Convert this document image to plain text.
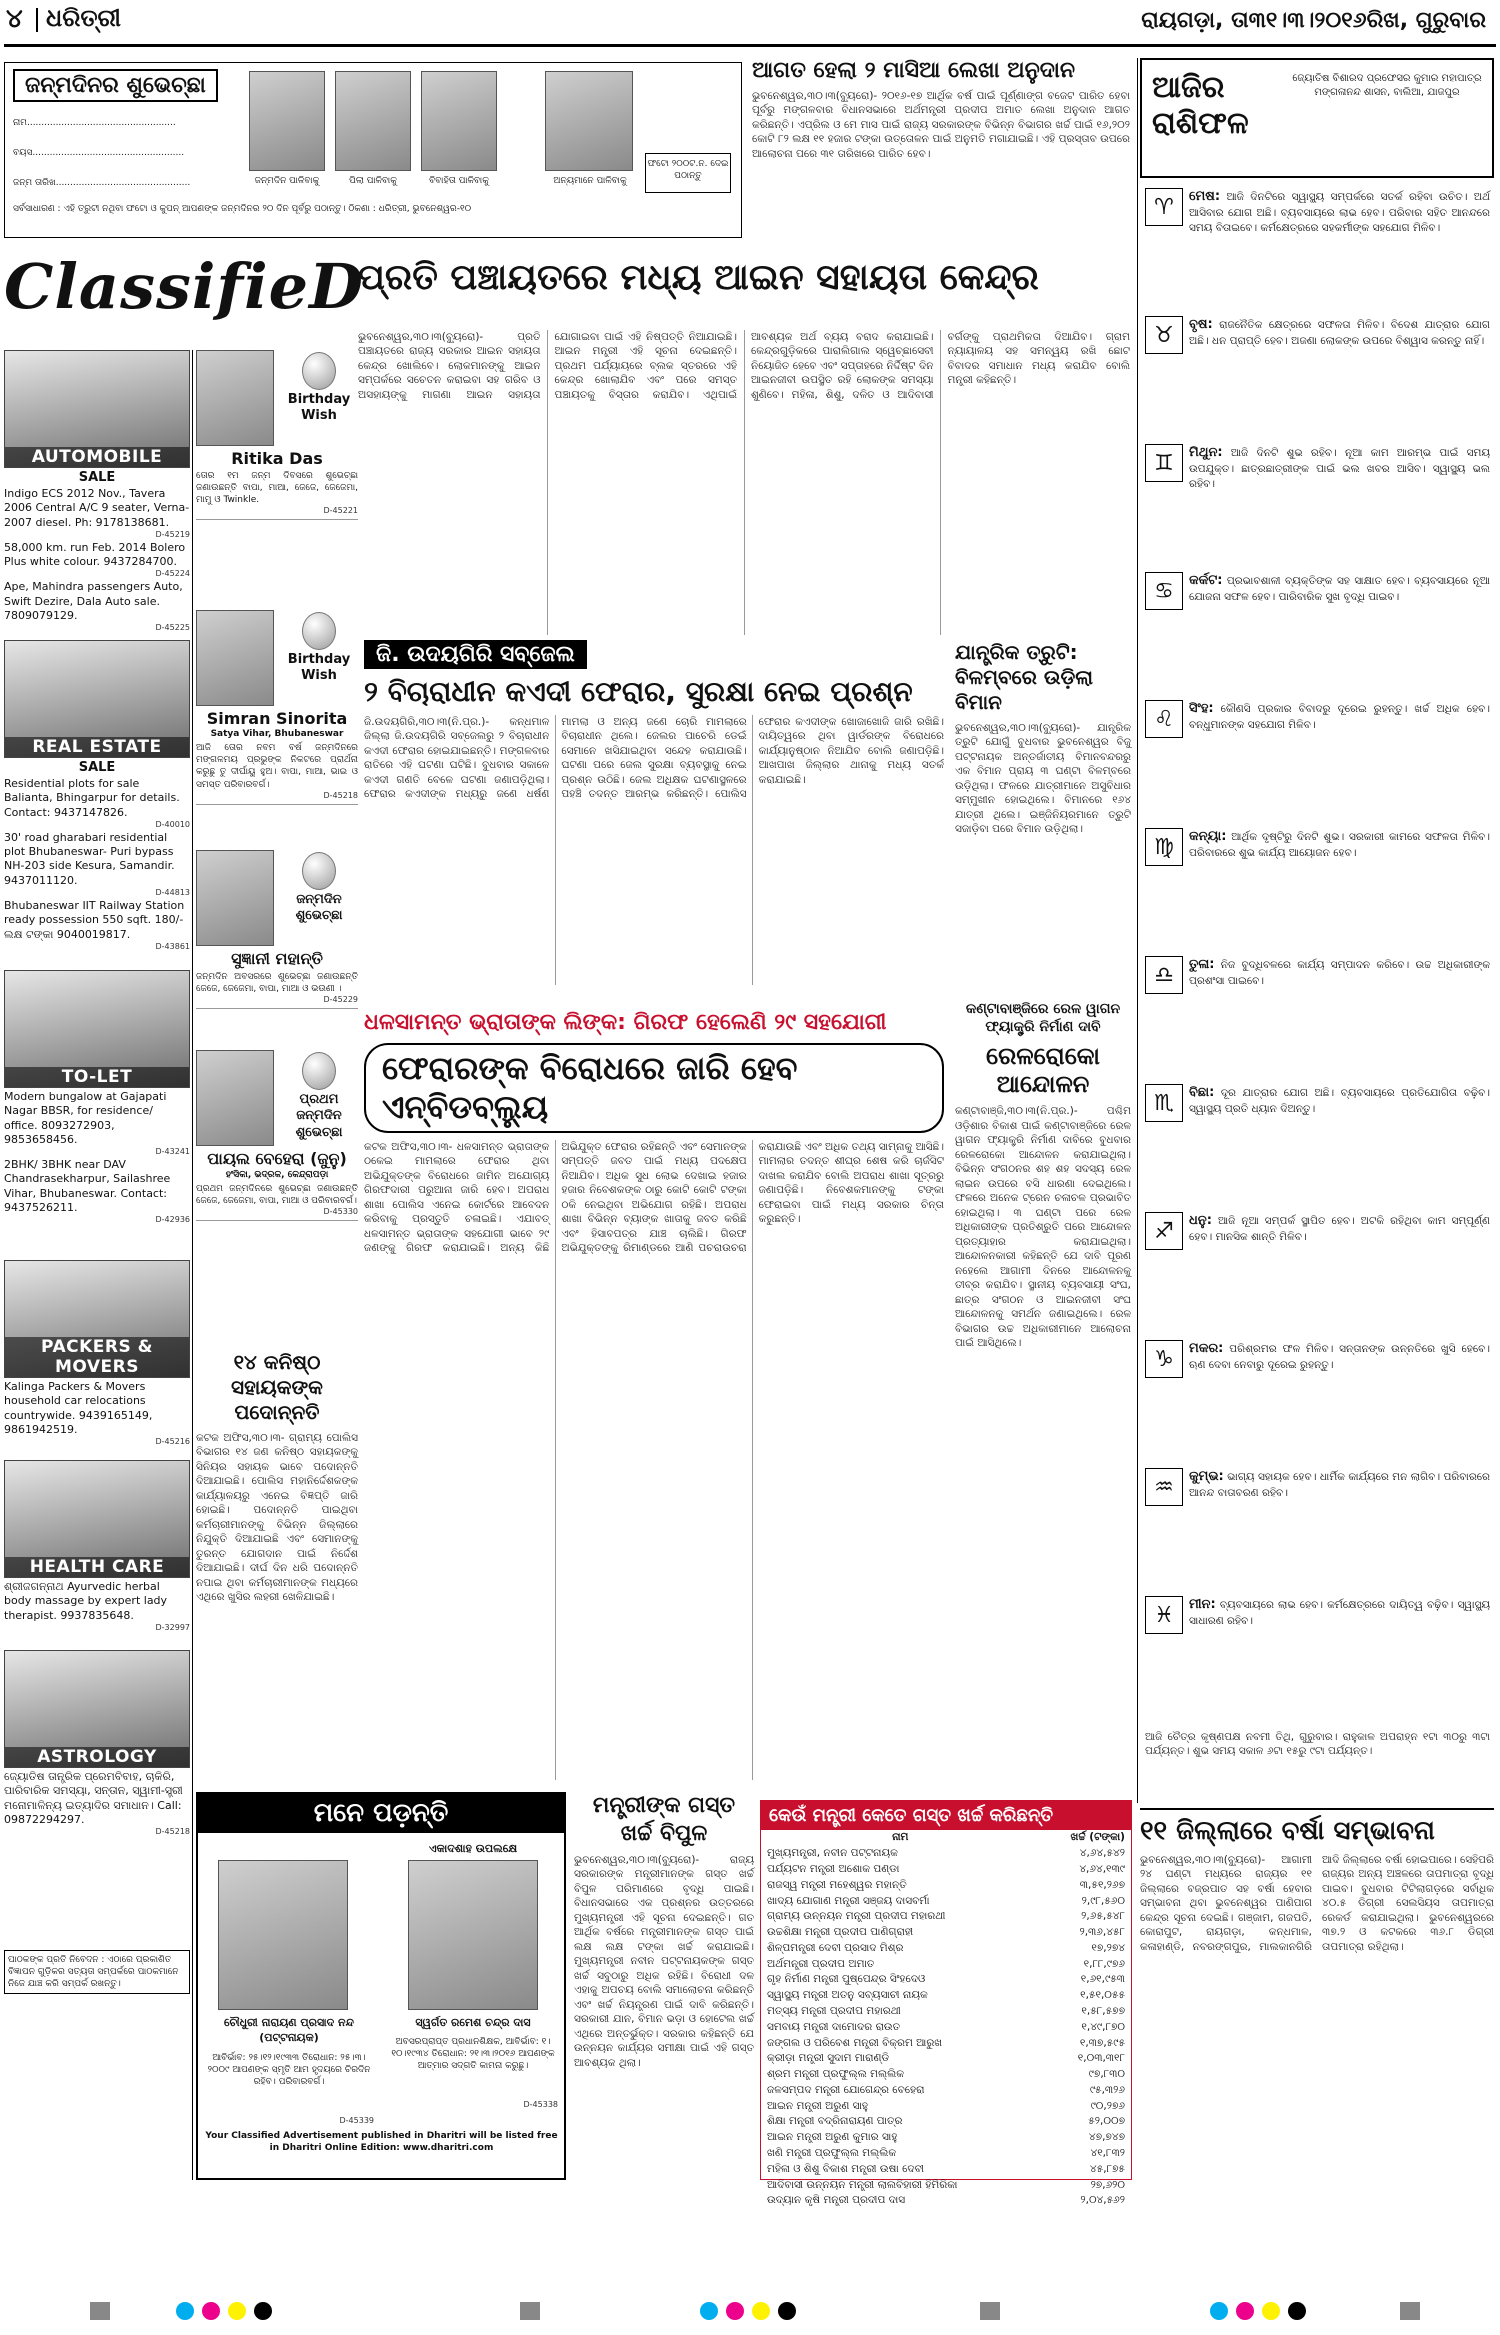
୪ ଧରିତ୍ରୀ	ରାୟଗଡ଼ା, ତା୩୧।୩।୨୦୧୬ରିଖ, ଗୁରୁବାର
ଜନ୍ମଦିନର ଶୁଭେଚ୍ଛା
ନାମ....................................................
ବୟସ.....................................................
ଜନ୍ମ ତାରିଖ...............................................	ଜନ୍ମଦିନ ପାଳିବାକୁ	ପିଲା ପାଳିବାକୁ	ବିବାହିତା ପାଳିବାକୁ	ଅନ୍ୟମାନେ ପାଳିବାକୁ
ଫଟୋ ୨୦୦ଟ.ନ. ଦେଇ ପଠାନ୍ତୁ
ସର୍ବସାଧାରଣ : ଏହି ତ୍ରୁଟୀ ନଥିବା ଫଟୋ ଓ କୁପନ୍ ଆପଣଙ୍କ ଜନ୍ମଦିନର ୨୦ ଦିନ ପୂର୍ବରୁ ପଠାନ୍ତୁ। ଠିକଣା : ଧରିତ୍ରୀ, ଭୁବନେଶ୍ୱର-୧୦
ଆଗତ ହେଲା ୨ ମାସିଆ ଲେଖା ଅନୁଦାନ
ଭୁବନେଶ୍ୱର,୩୦।୩(ବ୍ୟୁରୋ)- ୨୦୧୬-୧୭ ଆର୍ଥିକ ବର୍ଷ ପାଇଁ ପୂର୍ଣ୍ଣାଙ୍ଗ ବଜେଟ ପାରିତ ହେବା ପୂର୍ବରୁ ମଙ୍ଗଳବାର ବିଧାନସଭାରେ ଅର୍ଥମନ୍ତ୍ରୀ ପ୍ରଦୀପ ଅମାତ ଲେଖା ଅନୁଦାନ ଆଗତ କରିଛନ୍ତି। ଏପ୍ରିଲ ଓ ମେ ମାସ ପାଇଁ ରାଜ୍ୟ ସରକାରଙ୍କ ବିଭିନ୍ନ ବିଭାଗର ଖର୍ଚ୍ଚ ପାଇଁ ୧୬,୨୦୨ କୋଟି ୮୨ ଲକ୍ଷ ୧୧ ହଜାର ଟଙ୍କା ଉତ୍ତୋଳନ ପାଇଁ ଅନୁମତି ମଗାଯାଇଛି। ଏହି ପ୍ରସ୍ତାବ ଉପରେ ଆଲୋଚନା ପରେ ୩୧ ତାରିଖରେ ପାରିତ ହେବ।
ଆଜିର ରାଶିଫଳ
ଜ୍ୟୋତିଷ ବିଶାରଦ ପ୍ରଫେସର କୁମାର ମହାପାତ୍ର ମଙ୍ଗଳାନନ୍ଦ ଶାସନ, ବାଲିଆ, ଯାଜପୁର
♈	ମେଷ: ଆଜି ଦିନଟିରେ ସ୍ୱାସ୍ଥ୍ୟ ସମ୍ପର୍କରେ ସତର୍କ ରହିବା ଉଚିତ। ଅର୍ଥ ଆସିବାର ଯୋଗ ଅଛି। ବ୍ୟବସାୟରେ ଲାଭ ହେବ। ପରିବାର ସହିତ ଆନନ୍ଦରେ ସମୟ ବିତାଇବେ। କର୍ମକ୍ଷେତ୍ରରେ ସହକର୍ମୀଙ୍କ ସହଯୋଗ ମିଳିବ।
♉	ବୃଷ: ରାଜନୈତିକ କ୍ଷେତ୍ରରେ ସଫଳତା ମିଳିବ। ବିଦେଶ ଯାତ୍ରାର ଯୋଗ ଅଛି। ଧନ ପ୍ରାପ୍ତି ହେବ। ଅଜଣା ଲୋକଙ୍କ ଉପରେ ବିଶ୍ୱାସ କରନ୍ତୁ ନାହିଁ।
♊	ମିଥୁନ: ଆଜି ଦିନଟି ଶୁଭ ରହିବ। ନୂଆ କାମ ଆରମ୍ଭ ପାଇଁ ସମୟ ଉପଯୁକ୍ତ। ଛାତ୍ରଛାତ୍ରୀଙ୍କ ପାଇଁ ଭଲ ଖବର ଆସିବ। ସ୍ୱାସ୍ଥ୍ୟ ଭଲ ରହିବ।
♋	କର୍କଟ: ପ୍ରଭାବଶାଳୀ ବ୍ୟକ୍ତିଙ୍କ ସହ ସାକ୍ଷାତ ହେବ। ବ୍ୟବସାୟରେ ନୂଆ ଯୋଜନା ସଫଳ ହେବ। ପାରିବାରିକ ସୁଖ ବୃଦ୍ଧି ପାଇବ।
♌	ସିଂହ: କୌଣସି ପ୍ରକାର ବିବାଦରୁ ଦୂରେଇ ରୁହନ୍ତୁ। ଖର୍ଚ୍ଚ ଅଧିକ ହେବ। ବନ୍ଧୁମାନଙ୍କ ସହଯୋଗ ମିଳିବ।
♍	କନ୍ୟା: ଆର୍ଥିକ ଦୃଷ୍ଟିରୁ ଦିନଟି ଶୁଭ। ସରକାରୀ କାମରେ ସଫଳତା ମିଳିବ। ପରିବାରରେ ଶୁଭ କାର୍ଯ୍ୟ ଆୟୋଜନ ହେବ।
♎	ତୁଳା: ନିଜ ବୁଦ୍ଧିବଳରେ କାର୍ଯ୍ୟ ସମ୍ପାଦନ କରିବେ। ଉଚ୍ଚ ଅଧିକାରୀଙ୍କ ପ୍ରଶଂସା ପାଇବେ।
♏	ବିଛା: ଦୂର ଯାତ୍ରାର ଯୋଗ ଅଛି। ବ୍ୟବସାୟରେ ପ୍ରତିଯୋଗିତା ବଢ଼ିବ। ସ୍ୱାସ୍ଥ୍ୟ ପ୍ରତି ଧ୍ୟାନ ଦିଅନ୍ତୁ।
♐	ଧନୁ: ଆଜି ନୂଆ ସମ୍ପର୍କ ସ୍ଥାପିତ ହେବ। ଅଟକି ରହିଥିବା କାମ ସମ୍ପୂର୍ଣ୍ଣ ହେବ। ମାନସିକ ଶାନ୍ତି ମିଳିବ।
♑	ମକର: ପରିଶ୍ରମର ଫଳ ମିଳିବ। ସନ୍ତାନଙ୍କ ଉନ୍ନତିରେ ଖୁସି ହେବେ। ଋଣ ଦେବା ନେବାରୁ ଦୂରେଇ ରୁହନ୍ତୁ।
♒	କୁମ୍ଭ: ଭାଗ୍ୟ ସହାୟକ ହେବ। ଧାର୍ମିକ କାର୍ଯ୍ୟରେ ମନ ଲାଗିବ। ପରିବାରରେ ଆନନ୍ଦ ବାତାବରଣ ରହିବ।
♓	ମୀନ: ବ୍ୟବସାୟରେ ଲାଭ ହେବ। କର୍ମକ୍ଷେତ୍ରରେ ଦାୟିତ୍ୱ ବଢ଼ିବ। ସ୍ୱାସ୍ଥ୍ୟ ସାଧାରଣ ରହିବ।
ଆଜି ଚୈତ୍ର କୃଷ୍ଣପକ୍ଷ ନବମୀ ତିଥି, ଗୁରୁବାର। ରାହୁକାଳ ଅପରାହ୍ନ ୧ଟା ୩୦ରୁ ୩ଟା ପର୍ଯ୍ୟନ୍ତ। ଶୁଭ ସମୟ ସକାଳ ୬ଟା ୧୫ରୁ ୯ଟା ପର୍ଯ୍ୟନ୍ତ।
ClassifieD
ପ୍ରତି ପଞ୍ଚାୟତରେ ମଧ୍ୟ ଆଇନ ସହାୟତା କେନ୍ଦ୍ର
ଭୁବନେଶ୍ୱର,୩୦।୩(ବ୍ୟୁରୋ)- ପ୍ରତି ପଞ୍ଚାୟତରେ ରାଜ୍ୟ ସରକାର ଆଇନ ସହାୟତା କେନ୍ଦ୍ର ଖୋଲିବେ। ଲୋକମାନଙ୍କୁ ଆଇନ ସମ୍ପର୍କରେ ସଚେତନ କରାଇବା ସହ ଗରିବ ଓ ଅସହାୟଙ୍କୁ ମାଗଣା ଆଇନ ସହାୟତା ଯୋଗାଇବା ପାଇଁ ଏହି ନିଷ୍ପତ୍ତି ନିଆଯାଇଛି। ଆଇନ ମନ୍ତ୍ରୀ ଏହି ସୂଚନା ଦେଇଛନ୍ତି। ପ୍ରଥମ ପର୍ଯ୍ୟାୟରେ ବ୍ଲକ ସ୍ତରରେ ଏହି କେନ୍ଦ୍ର ଖୋଲାଯିବ ଏବଂ ପରେ ସମସ୍ତ ପଞ୍ଚାୟତକୁ ବିସ୍ତାର କରାଯିବ। ଏଥିପାଇଁ ଆବଶ୍ୟକ ଅର୍ଥ ବ୍ୟୟ ବରାଦ କରାଯାଇଛି। କେନ୍ଦ୍ରଗୁଡ଼ିକରେ ପାରାଲିଗାଲ ସ୍ୱେଚ୍ଛାସେବୀ ନିୟୋଜିତ ହେବେ ଏବଂ ସପ୍ତାହରେ ନିର୍ଦ୍ଦିଷ୍ଟ ଦିନ ଆଇନଜୀବୀ ଉପସ୍ଥିତ ରହି ଲୋକଙ୍କ ସମସ୍ୟା ଶୁଣିବେ। ମହିଳା, ଶିଶୁ, ଦଳିତ ଓ ଆଦିବାସୀ ବର୍ଗଙ୍କୁ ପ୍ରାଥମିକତା ଦିଆଯିବ। ଗ୍ରାମ ନ୍ୟାୟାଳୟ ସହ ସମନ୍ୱୟ ରଖି ଛୋଟ ବିବାଦର ସମାଧାନ ମଧ୍ୟ କରାଯିବ ବୋଲି ମନ୍ତ୍ରୀ କହିଛନ୍ତି।
AUTOMOBILE
SALE
Indigo ECS 2012 Nov., Tavera 2006 Central A/C 9 seater, Verna- 2007 diesel. Ph: 9178138681.
D-45219
58,000 km. run Feb. 2014 Bolero Plus white colour. 9437284700.
D-45224
Ape, Mahindra passengers Auto, Swift Dezire, Dala Auto sale. 7809079129.
D-45225
REAL ESTATE
SALE
Residential plots for sale Balianta, Bhingarpur for details. Contact: 9437147826.
D-40010
30' road gharabari residential plot Bhubaneswar- Puri bypass NH-203 side Kesura, Samandir. 9437011120.
D-44813
Bhubaneswar IIT Railway Station ready possession 550 sqft. 180/- ଲକ୍ଷ ଟଙ୍କା 9040019817.
D-43861
TO-LET
Modern bungalow at Gajapati Nagar BBSR, for residence/ office. 8093272903, 9853658456.
D-43241
2BHK/ 3BHK near DAV Chandrasekharpur, Sailashree Vihar, Bhubaneswar. Contact: 9437526211.
D-42936
PACKERS & MOVERS
Kalinga Packers & Movers household car relocations countrywide. 9439165149, 9861942519.
D-45216
HEALTH CARE
ଶ୍ରୀଜଗନ୍ନାଥ Ayurvedic herbal body massage by expert lady therapist. 9937835648.
D-32997
ASTROLOGY
ଜ୍ୟୋତିଷ ତାନ୍ତ୍ରିକ ପ୍ରେମବିବାହ, ଚାକିରି, ପାରିବାରିକ ସମସ୍ୟା, ସନ୍ତାନ, ସ୍ୱାମୀ-ସ୍ତ୍ରୀ ମନୋମାଳିନ୍ୟ ଇତ୍ୟାଦିର ସମାଧାନ। Call: 09872294297.
D-45218
ପାଠକଙ୍କ ପ୍ରତି ନିବେଦନ : ଏଠାରେ ପ୍ରକାଶିତ ବିଜ୍ଞାପନ ଗୁଡ଼ିକର ସତ୍ୟତା ସମ୍ପର୍କରେ ପାଠକମାନେ ନିଜେ ଯାଞ୍ଚ କରି ସମ୍ପର୍କ ରଖନ୍ତୁ।
Birthday Wish
Ritika Das
ତୋର ୧ମ ଜନ୍ମ ଦିବସରେ ଶୁଭେଚ୍ଛା ଜଣାଉଛନ୍ତି ବାପା, ମାଆ, ଜେଜେ, ଜେଜେମା, ମାମୁ ଓ Twinkle.
D-45221
Birthday Wish
Simran Sinorita
Satya Vihar, Bhubaneswar
ଆଜି ତୋର ନବମ ବର୍ଷ ଜନ୍ମଦିନରେ ମଙ୍ଗଳମୟ ପ୍ରଭୁଙ୍କ ନିକଟରେ ପ୍ରାର୍ଥନା କରୁଛୁ ତୁ ଦୀର୍ଘାୟୁ ହୁଅ। ବାପା, ମାଆ, ଭାଇ ଓ ସମସ୍ତ ପରିବାରବର୍ଗ।
D-45218
ଜନ୍ମଦିନ ଶୁଭେଚ୍ଛା
ସୁଜ୍ଞାନୀ ମହାନ୍ତି
ଜନ୍ମଦିନ ଅବସରରେ ଶୁଭେଚ୍ଛା ଜଣାଉଛନ୍ତି ଜେଜେ, ଜେଜେମା, ବାପା, ମାଆ ଓ ଭଉଣୀ ।
D-45229
ପ୍ରଥମ ଜନ୍ମଦିନ ଶୁଭେଚ୍ଛା
ପାୟଲ ବେହେରା (ଜୁନୁ)
ହଂସିକା, ଭଦ୍ରକ, କେନ୍ଦ୍ରାପଡ଼ା
ପ୍ରଥମ ଜନ୍ମଦିନରେ ଶୁଭେଚ୍ଛା ଜଣାଉଛନ୍ତି ଜେଜେ, ଜେଜେମା, ବାପା, ମାଆ ଓ ପରିବାରବର୍ଗ।
D-45330
ଜି. ଉଦୟଗିରି ସବ୍‌ଜେଲ
୨ ବିଚାରାଧୀନ କଏଦୀ ଫେରାର, ସୁରକ୍ଷା ନେଇ ପ୍ରଶ୍ନ
ଜି.ଉଦୟଗିରି,୩୦।୩(ନି.ପ୍ର.)- କନ୍ଧମାଳ ଜିଲ୍ଲା ଜି.ଉଦୟଗିରି ସବ୍‌ଜେଲରୁ ୨ ବିଚାରାଧୀନ କଏଦୀ ଫେରାର ହୋଇଯାଇଛନ୍ତି। ମଙ୍ଗଳବାର ରାତିରେ ଏହି ଘଟଣା ଘଟିଛି। ବୁଧବାର ସକାଳେ କଏଦୀ ଗଣତି ବେଳେ ଘଟଣା ଜଣାପଡ଼ିଥିଲା। ଫେରାର କଏଦୀଙ୍କ ମଧ୍ୟରୁ ଜଣେ ଧର୍ଷଣ ମାମଲା ଓ ଅନ୍ୟ ଜଣେ ଚୋରି ମାମଲାରେ ବିଚାରାଧୀନ ଥିଲେ। ଜେଲର ପାଚେରି ଡେଇଁ ସେମାନେ ଖସିଯାଇଥିବା ସନ୍ଦେହ କରାଯାଉଛି। ଘଟଣା ପରେ ଜେଲ ସୁରକ୍ଷା ବ୍ୟବସ୍ଥାକୁ ନେଇ ପ୍ରଶ୍ନ ଉଠିଛି। ଜେଲ ଅଧିକ୍ଷକ ଘଟଣାସ୍ଥଳରେ ପହଞ୍ଚି ତଦନ୍ତ ଆରମ୍ଭ କରିଛନ୍ତି। ପୋଲିସ ଫେରାର କଏଦୀଙ୍କ ଖୋଜାଖୋଜି ଜାରି ରଖିଛି। ଦାୟିତ୍ୱରେ ଥିବା ୱାର୍ଡରଙ୍କ ବିରୋଧରେ କାର୍ଯ୍ୟାନୁଷ୍ଠାନ ନିଆଯିବ ବୋଲି ଜଣାପଡ଼ିଛି। ଆଖପାଖ ଜିଲ୍ଲାର ଥାନାକୁ ମଧ୍ୟ ସତର୍କ କରାଯାଇଛି।
ଯାନ୍ତ୍ରିକ ତ୍ରୁଟି: ବିଳମ୍ବରେ ଉଡ଼ିଲା ବିମାନ
ଭୁବନେଶ୍ୱର,୩୦।୩(ବ୍ୟୁରୋ)- ଯାନ୍ତ୍ରିକ ତ୍ରୁଟି ଯୋଗୁଁ ବୁଧବାର ଭୁବନେଶ୍ୱର ବିଜୁ ପଟ୍ଟନାୟକ ଅନ୍ତର୍ଜାତୀୟ ବିମାନବନ୍ଦରରୁ ଏକ ବିମାନ ପ୍ରାୟ ୩ ଘଣ୍ଟା ବିଳମ୍ବରେ ଉଡ଼ିଥିଲା। ଫଳରେ ଯାତ୍ରୀମାନେ ଅସୁବିଧାର ସମ୍ମୁଖୀନ ହୋଇଥିଲେ। ବିମାନରେ ୧୬୪ ଯାତ୍ରୀ ଥିଲେ। ଇଞ୍ଜିନିୟରମାନେ ତ୍ରୁଟି ସଜାଡ଼ିବା ପରେ ବିମାନ ଉଡ଼ିଥିଲା।
ଧଳସାମନ୍ତ ଭ୍ରାତାଙ୍କ ଲିଙ୍କ: ଗିରଫ ହେଲେଣି ୨୯ ସହଯୋଗୀ
ଫେରାରଙ୍କ ବିରୋଧରେ ଜାରି ହେବ ଏନ୍‌ବିଡବ୍ଲ୍ୟୁ
କଟକ ଅଫିସ,୩୦।୩- ଧଳସାମନ୍ତ ଭ୍ରାତାଙ୍କ ଠକେଇ ମାମଲାରେ ଫେରାର ଥିବା ଅଭିଯୁକ୍ତଙ୍କ ବିରୋଧରେ ଜାମିନ ଅଯୋଗ୍ୟ ଗିରଫଦାରୀ ପରୁଆନା ଜାରି ହେବ। ଅପରାଧ ଶାଖା ପୋଲିସ ଏନେଇ କୋର୍ଟରେ ଆବେଦନ କରିବାକୁ ପ୍ରସ୍ତୁତି ଚଳାଇଛି। ଏଯାବତ୍ ଧଳସାମନ୍ତ ଭ୍ରାତାଙ୍କ ସହଯୋଗୀ ଭାବେ ୨୯ ଜଣଙ୍କୁ ଗିରଫ କରାଯାଇଛି। ଅନ୍ୟ କିଛି ଅଭିଯୁକ୍ତ ଫେରାର ରହିଛନ୍ତି ଏବଂ ସେମାନଙ୍କ ସମ୍ପତ୍ତି ଜବତ ପାଇଁ ମଧ୍ୟ ପଦକ୍ଷେପ ନିଆଯିବ। ଅଧିକ ସୁଧ ଲୋଭ ଦେଖାଇ ହଜାର ହଜାର ନିବେଶକଙ୍କ ଠାରୁ କୋଟି କୋଟି ଟଙ୍କା ଠକି ନେଇଥିବା ଅଭିଯୋଗ ରହିଛି। ଅପରାଧ ଶାଖା ବିଭିନ୍ନ ବ୍ୟାଙ୍କ ଖାତାକୁ ଜବତ କରିଛି ଏବଂ ହିସାବପତ୍ର ଯାଞ୍ଚ ଚାଲିଛି। ଗିରଫ ଅଭିଯୁକ୍ତଙ୍କୁ ରିମାଣ୍ଡରେ ଆଣି ପଚରାଉଚରା କରାଯାଉଛି ଏବଂ ଅଧିକ ତଥ୍ୟ ସାମ୍ନାକୁ ଆସିଛି। ମାମଲାର ତଦନ୍ତ ଶୀଘ୍ର ଶେଷ କରି ଚାର୍ଜସିଟ ଦାଖଲ କରାଯିବ ବୋଲି ଅପରାଧ ଶାଖା ସୂତ୍ରରୁ ଜଣାପଡ଼ିଛି। ନିବେଶକମାନଙ୍କୁ ଟଙ୍କା ଫେରାଇବା ପାଇଁ ମଧ୍ୟ ସରକାର ଚିନ୍ତା କରୁଛନ୍ତି।
କଣ୍ଟାବାଞ୍ଜିରେ ରେଳ ୱାଗନ ଫ୍ୟାକ୍ଟ୍ରି ନିର୍ମାଣ ଦାବି
ରେଳରୋକୋ ଆନ୍ଦୋଳନ
କଣ୍ଟାବାଞ୍ଜି,୩୦।୩(ନି.ପ୍ର.)- ପଶ୍ଚିମ ଓଡ଼ିଶାର ବିକାଶ ପାଇଁ କଣ୍ଟାବାଞ୍ଜିରେ ରେଳ ୱାଗନ ଫ୍ୟାକ୍ଟ୍ରି ନିର୍ମାଣ ଦାବିରେ ବୁଧବାର ରେଳରୋକୋ ଆନ୍ଦୋଳନ କରାଯାଇଥିଲା। ବିଭିନ୍ନ ସଂଗଠନର ଶହ ଶହ ସଦସ୍ୟ ରେଳ ଲାଇନ ଉପରେ ବସି ଧାରଣା ଦେଇଥିଲେ। ଫଳରେ ଅନେକ ଟ୍ରେନ ଚଳାଚଳ ପ୍ରଭାବିତ ହୋଇଥିଲା। ୩ ଘଣ୍ଟା ପରେ ରେଳ ଅଧିକାରୀଙ୍କ ପ୍ରତିଶ୍ରୁତି ପରେ ଆନ୍ଦୋଳନ ପ୍ରତ୍ୟାହାର କରାଯାଇଥିଲା। ଆନ୍ଦୋଳନକାରୀ କହିଛନ୍ତି ଯେ ଦାବି ପୂରଣ ନହେଲେ ଆଗାମୀ ଦିନରେ ଆନ୍ଦୋଳନକୁ ତୀବ୍ର କରାଯିବ। ସ୍ଥାନୀୟ ବ୍ୟବସାୟୀ ସଂଘ, ଛାତ୍ର ସଂଗଠନ ଓ ଆଇନଜୀବୀ ସଂଘ ଆନ୍ଦୋଳନକୁ ସମର୍ଥନ ଜଣାଇଥିଲେ। ରେଳ ବିଭାଗର ଉଚ୍ଚ ଅଧିକାରୀମାନେ ଆଲୋଚନା ପାଇଁ ଆସିଥିଲେ।
୧୪ କନିଷ୍ଠ ସହାୟକଙ୍କ ପଦୋନ୍ନତି
କଟକ ଅଫିସ,୩୦।୩- ଗ୍ରାମ୍ୟ ପୋଲିସ ବିଭାଗର ୧୪ ଜଣ କନିଷ୍ଠ ସହାୟକଙ୍କୁ ସିନିୟର ସହାୟକ ଭାବେ ପଦୋନ୍ନତି ଦିଆଯାଇଛି। ପୋଲିସ ମହାନିର୍ଦ୍ଦେଶକଙ୍କ କାର୍ଯ୍ୟାଳୟରୁ ଏନେଇ ବିଜ୍ଞପ୍ତି ଜାରି ହୋଇଛି। ପଦୋନ୍ନତି ପାଇଥିବା କର୍ମଚାରୀମାନଙ୍କୁ ବିଭିନ୍ନ ଜିଲ୍ଲାରେ ନିଯୁକ୍ତି ଦିଆଯାଇଛି ଏବଂ ସେମାନଙ୍କୁ ତୁରନ୍ତ ଯୋଗଦାନ ପାଇଁ ନିର୍ଦ୍ଦେଶ ଦିଆଯାଇଛି। ଦୀର୍ଘ ଦିନ ଧରି ପଦୋନ୍ନତି ନପାଇ ଥିବା କର୍ମଚାରୀମାନଙ୍କ ମଧ୍ୟରେ ଏଥିରେ ଖୁସିର ଲହରୀ ଖେଳିଯାଇଛି।
ମନେ ପଡ଼ନ୍ତି
ଏକାଦଶାହ ଉପଲକ୍ଷେ
ଚୌଧୁରୀ ନାରାୟଣ ପ୍ରସାଦ ନନ୍ଦ (ପଟ୍ଟନାୟକ)
ଆବିର୍ଭାବ: ୨୫।୧୨।୧୯୩୩ ତିରୋଧାନ: ୨୫।୩।୨୦୦୯ ଆପଣଙ୍କ ସ୍ମୃତି ଆମ ହୃଦୟରେ ଚିରଦିନ ରହିବ। ପରିବାରବର୍ଗ।
D-45339
ସ୍ୱର୍ଗତ ରମେଶ ଚନ୍ଦ୍ର ଦାସ
ଅବସରପ୍ରାପ୍ତ ପ୍ରଧାନଶିକ୍ଷକ, ଆବିର୍ଭାବ: ୧।୧୦।୧୯୩୪ ତିରୋଧାନ: ୨୧।୩।୨୦୧୬ ଆପଣଙ୍କ ଆତ୍ମାର ସଦ୍‌ଗତି କାମନା କରୁଛୁ।
D-45338
Your Classified Advertisement published in Dharitri will be listed free in Dharitri Online Edition: www.dharitri.com
ମନ୍ତ୍ରୀଙ୍କ ଗସ୍ତ ଖର୍ଚ୍ଚ ବିପୁଳ
ଭୁବନେଶ୍ୱର,୩୦।୩(ବ୍ୟୁରୋ)- ରାଜ୍ୟ ସରକାରଙ୍କ ମନ୍ତ୍ରୀମାନଙ୍କ ଗସ୍ତ ଖର୍ଚ୍ଚ ବିପୁଳ ପରିମାଣରେ ବୃଦ୍ଧି ପାଇଛି। ବିଧାନସଭାରେ ଏକ ପ୍ରଶ୍ନର ଉତ୍ତରରେ ମୁଖ୍ୟମନ୍ତ୍ରୀ ଏହି ସୂଚନା ଦେଇଛନ୍ତି। ଗତ ଆର୍ଥିକ ବର୍ଷରେ ମନ୍ତ୍ରୀମାନଙ୍କ ଗସ୍ତ ପାଇଁ ଲକ୍ଷ ଲକ୍ଷ ଟଙ୍କା ଖର୍ଚ୍ଚ କରାଯାଇଛି। ମୁଖ୍ୟମନ୍ତ୍ରୀ ନବୀନ ପଟ୍ଟନାୟକଙ୍କ ଗସ୍ତ ଖର୍ଚ୍ଚ ସବୁଠାରୁ ଅଧିକ ରହିଛି। ବିରୋଧୀ ଦଳ ଏହାକୁ ଅପଚୟ ବୋଲି ସମାଲୋଚନା କରିଛନ୍ତି ଏବଂ ଖର୍ଚ୍ଚ ନିୟନ୍ତ୍ରଣ ପାଇଁ ଦାବି କରିଛନ୍ତି। ସରକାରୀ ଯାନ, ବିମାନ ଭଡ଼ା ଓ ହୋଟେଲ ଖର୍ଚ୍ଚ ଏଥିରେ ଅନ୍ତର୍ଭୁକ୍ତ। ସରକାର କହିଛନ୍ତି ଯେ ଉନ୍ନୟନ କାର୍ଯ୍ୟର ସମୀକ୍ଷା ପାଇଁ ଏହି ଗସ୍ତ ଆବଶ୍ୟକ ଥିଲା।
କେଉଁ ମନ୍ତ୍ରୀ କେତେ ଗସ୍ତ ଖର୍ଚ୍ଚ କରିଛନ୍ତି
ନାମ	ଖର୍ଚ୍ଚ (ଟଙ୍କା)
ମୁଖ୍ୟମନ୍ତ୍ରୀ, ନବୀନ ପଟ୍ଟନାୟକ	୪,୬୪,୫୪୨
ପର୍ଯ୍ୟଟନ ମନ୍ତ୍ରୀ ଅଶୋକ ପଣ୍ଡା	୪,୬୪,୧୩୯
ରାଜସ୍ୱ ମନ୍ତ୍ରୀ ମହେଶ୍ୱର ମହାନ୍ତି	୩,୫୧,୨୬୭
ଖାଦ୍ୟ ଯୋଗାଣ ମନ୍ତ୍ରୀ ସଞ୍ଜୟ ଦାସବର୍ମା	୨,୯୮,୫୬୦
ଗ୍ରାମ୍ୟ ଉନ୍ନୟନ ମନ୍ତ୍ରୀ ପ୍ରଦୀପ ମହାରଥୀ	୨,୬୫,୫୪୮
ଉଚ୍ଚଶିକ୍ଷା ମନ୍ତ୍ରୀ ପ୍ରଦୀପ ପାଣିଗ୍ରାହୀ	୨,୩୬,୪୫୮
ଶିଳ୍ପମନ୍ତ୍ରୀ ଦେବୀ ପ୍ରସାଦ ମିଶ୍ର	୧୭,୨୭୪
ଅର୍ଥମନ୍ତ୍ରୀ ପ୍ରଦୀପ ଅମାତ	୧,୮୮,୯୭୬
ଗୃହ ନିର୍ମାଣ ମନ୍ତ୍ରୀ ପୁଷ୍ପେନ୍ଦ୍ର ସିଂହଦେଓ	୧,୬୧,୯୫୩
ସ୍ୱାସ୍ଥ୍ୟ ମନ୍ତ୍ରୀ ଅତନୁ ସବ୍ୟସାଚୀ ନାୟକ	୧,୫୧,୦୫୫
ମତ୍ସ୍ୟ ମନ୍ତ୍ରୀ ପ୍ରଦୀପ ମହାରଥୀ	୧,୫୮,୫୭୭
ସମବାୟ ମନ୍ତ୍ରୀ ଦାମୋଦର ରାଉତ	୧,୪୯,୮୭୦
ଜଙ୍ଗଲ ଓ ପରିବେଶ ମନ୍ତ୍ରୀ ବିକ୍ରମ ଆରୁଖ	୧,୩୭,୫୯୫
କ୍ରୀଡ଼ା ମନ୍ତ୍ରୀ ସୁଦାମ ମାରାଣ୍ଡି	୧,୦୩,୩୧୮
ଶ୍ରମ ମନ୍ତ୍ରୀ ପ୍ରଫୁଲ୍ଲ ମଲ୍ଲିକ	୯୭,୮୩୦
ଜଳସମ୍ପଦ ମନ୍ତ୍ରୀ ଯୋଗେନ୍ଦ୍ର ବେହେରା	୯୫,୩୨୬
ଆଇନ ମନ୍ତ୍ରୀ ଅରୁଣ ସାହୁ	୯୦,୨୭୬
ଶିକ୍ଷା ମନ୍ତ୍ରୀ ବଦ୍ରିନାରାୟଣ ପାତ୍ର	୫୨,୦୦୭
ଆଇନ ମନ୍ତ୍ରୀ ଅରୁଣ କୁମାର ସାହୁ	୪୭,୭୪୭
ଖଣି ମନ୍ତ୍ରୀ ପ୍ରଫୁଲ୍ଲ ମଲ୍ଲିକ	୪୧,୮୩୨
ମହିଳା ଓ ଶିଶୁ ବିକାଶ ମନ୍ତ୍ରୀ ଉଷା ଦେବୀ	୪୫,୮୭୫
ଆଦିବାସୀ ଉନ୍ନୟନ ମନ୍ତ୍ରୀ ଲାଲବିହାରୀ ହିମିରିକା	୨୭,୬୨୦
ଉଦ୍ୟାନ କୃଷି ମନ୍ତ୍ରୀ ପ୍ରଦୀପ ଦାସ	୨,୦୪,୫୬୨
୧୧ ଜିଲ୍ଲାରେ ବର୍ଷା ସମ୍ଭାବନା
ଭୁବନେଶ୍ୱର,୩୦।୩(ବ୍ୟୁରୋ)- ଆଗାମୀ ୨୪ ଘଣ୍ଟା ମଧ୍ୟରେ ରାଜ୍ୟର ୧୧ ଜିଲ୍ଲାରେ ବଜ୍ରପାତ ସହ ବର୍ଷା ହେବାର ସମ୍ଭାବନା ଥିବା ଭୁବନେଶ୍ୱର ପାଣିପାଗ କେନ୍ଦ୍ର ସୂଚନା ଦେଇଛି। ଗଞ୍ଜାମ, ଗଜପତି, କୋରାପୁଟ, ରାୟଗଡ଼ା, କନ୍ଧମାଳ, କଳାହାଣ୍ଡି, ନବରଙ୍ଗପୁର, ମାଲକାନଗିରି ଆଦି ଜିଲ୍ଲାରେ ବର୍ଷା ହୋଇପାରେ। ସେହିପରି ରାଜ୍ୟର ଅନ୍ୟ ଅଞ୍ଚଳରେ ତାପମାତ୍ରା ବୃଦ୍ଧି ପାଇବ। ବୁଧବାର ଟିଟିଲାଗଡ଼ରେ ସର୍ବାଧିକ ୪୦.୫ ଡିଗ୍ରୀ ସେଲସିୟସ ତାପମାତ୍ରା ରେକର୍ଡ କରାଯାଇଥିଲା। ଭୁବନେଶ୍ୱରରେ ୩୭.୨ ଓ କଟକରେ ୩୬.୮ ଡିଗ୍ରୀ ତାପମାତ୍ରା ରହିଥିଲା।
